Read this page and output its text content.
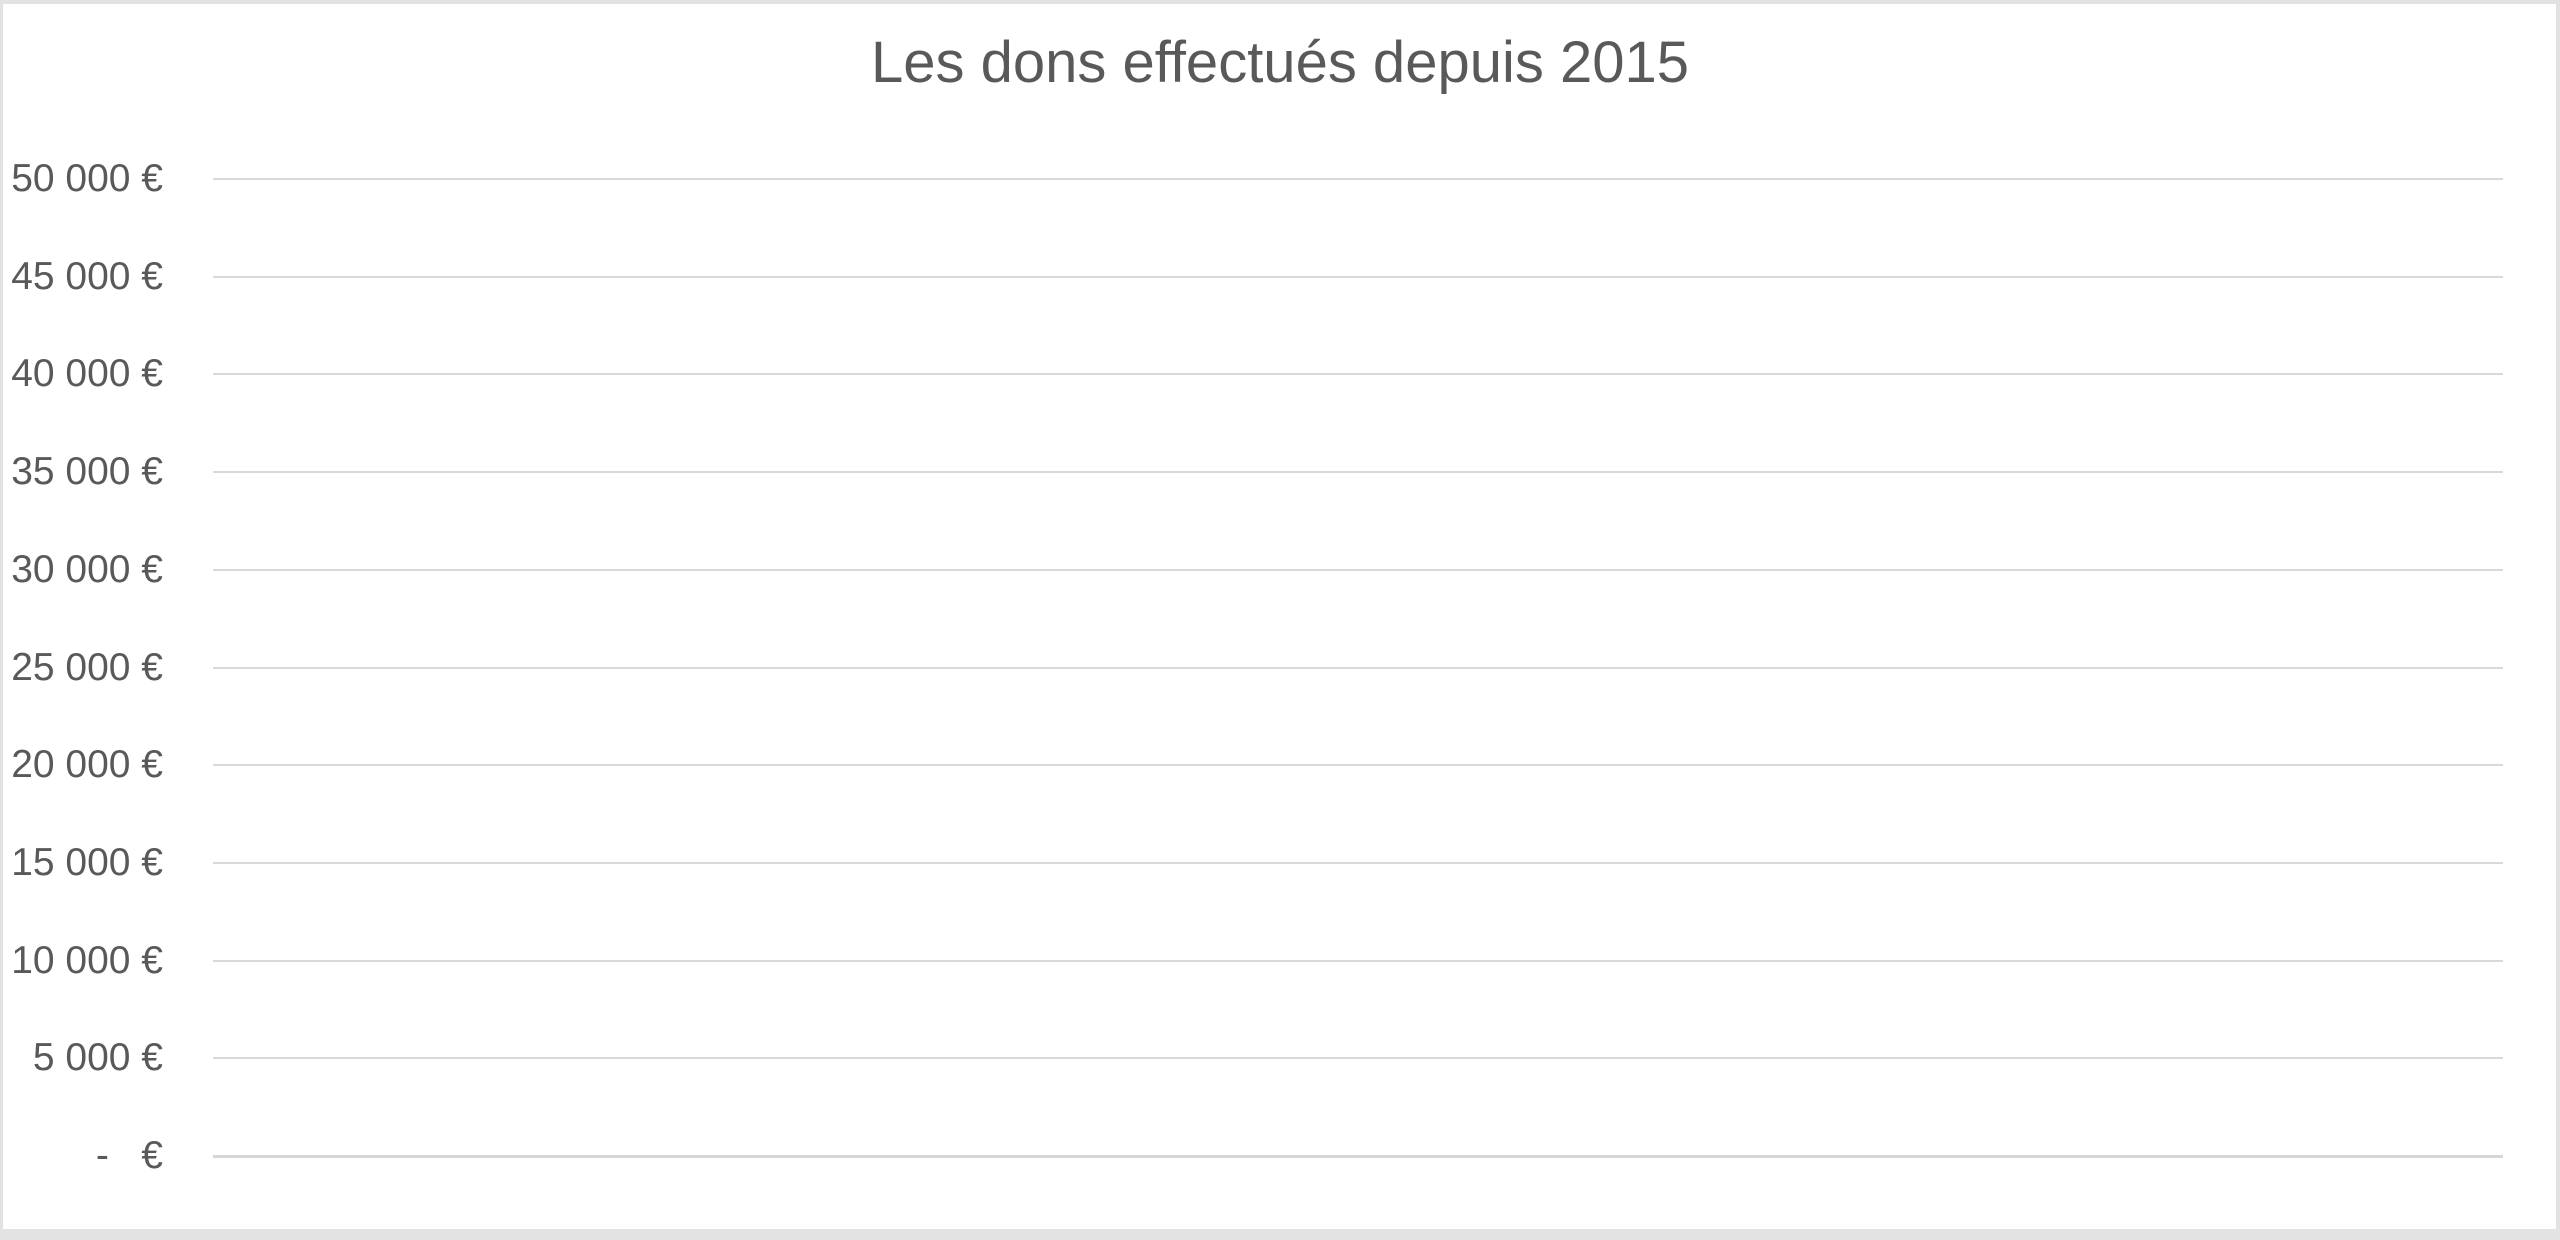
Les dons effectués depuis 2015
50 000 €
45 000 €
40 000 €
35 000 €
30 000 €
25 000 €
20 000 €
15 000 €
10 000 €
5 000 €
-   €
